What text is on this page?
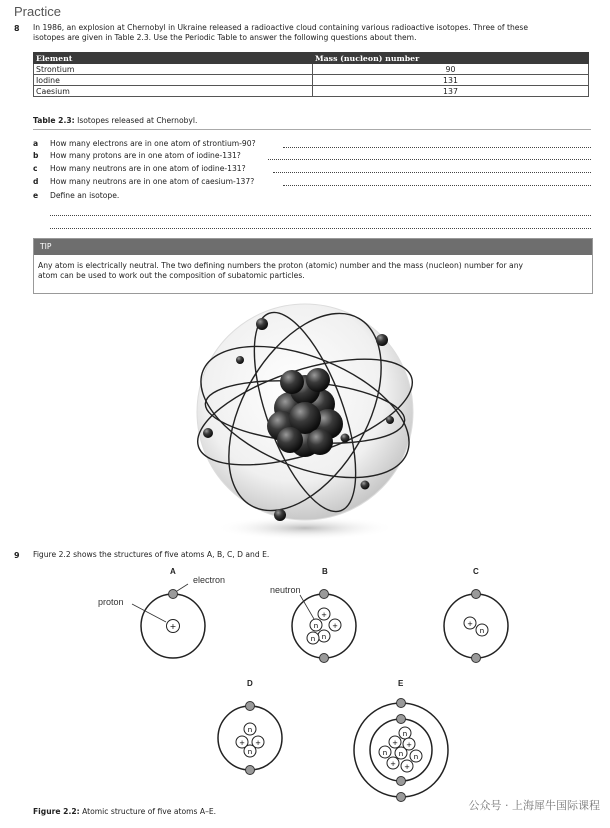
Practice
8 In 1986, an explosion at Chernobyl in Ukraine released a radioactive cloud containing various radioactive isotopes. Three of these
isotopes are given in Table 2.3. Use the Periodic Table to answer the following questions about them.
Element	Mass (nucleon) number
Strontium	90
Iodine	131
Caesium	137
Table 2.3: Isotopes released at Chernobyl.
a How many electrons are in one atom of strontium-90?
b How many protons are in one atom of iodine-131?
c How many neutrons are in one atom of iodine-131?
d How many neutrons are in one atom of caesium-137?
e Define an isotope.
TIP
Any atom is electrically neutral. The two defining numbers the proton (atomic) number and the mass (nucleon) number for any
atom can be used to work out the composition of subatomic particles.
9 Figure 2.2 shows the structures of five atoms A, B, C, D and E.
A	B	C
D	E
electron
proton
neutron
+
+
n +
n
n
+
n
n
+ +
n
n
+ +
n n n
+ +
Figure 2.2: Atomic structure of five atoms A–E.	公众号 · 上海犀牛国际课程
